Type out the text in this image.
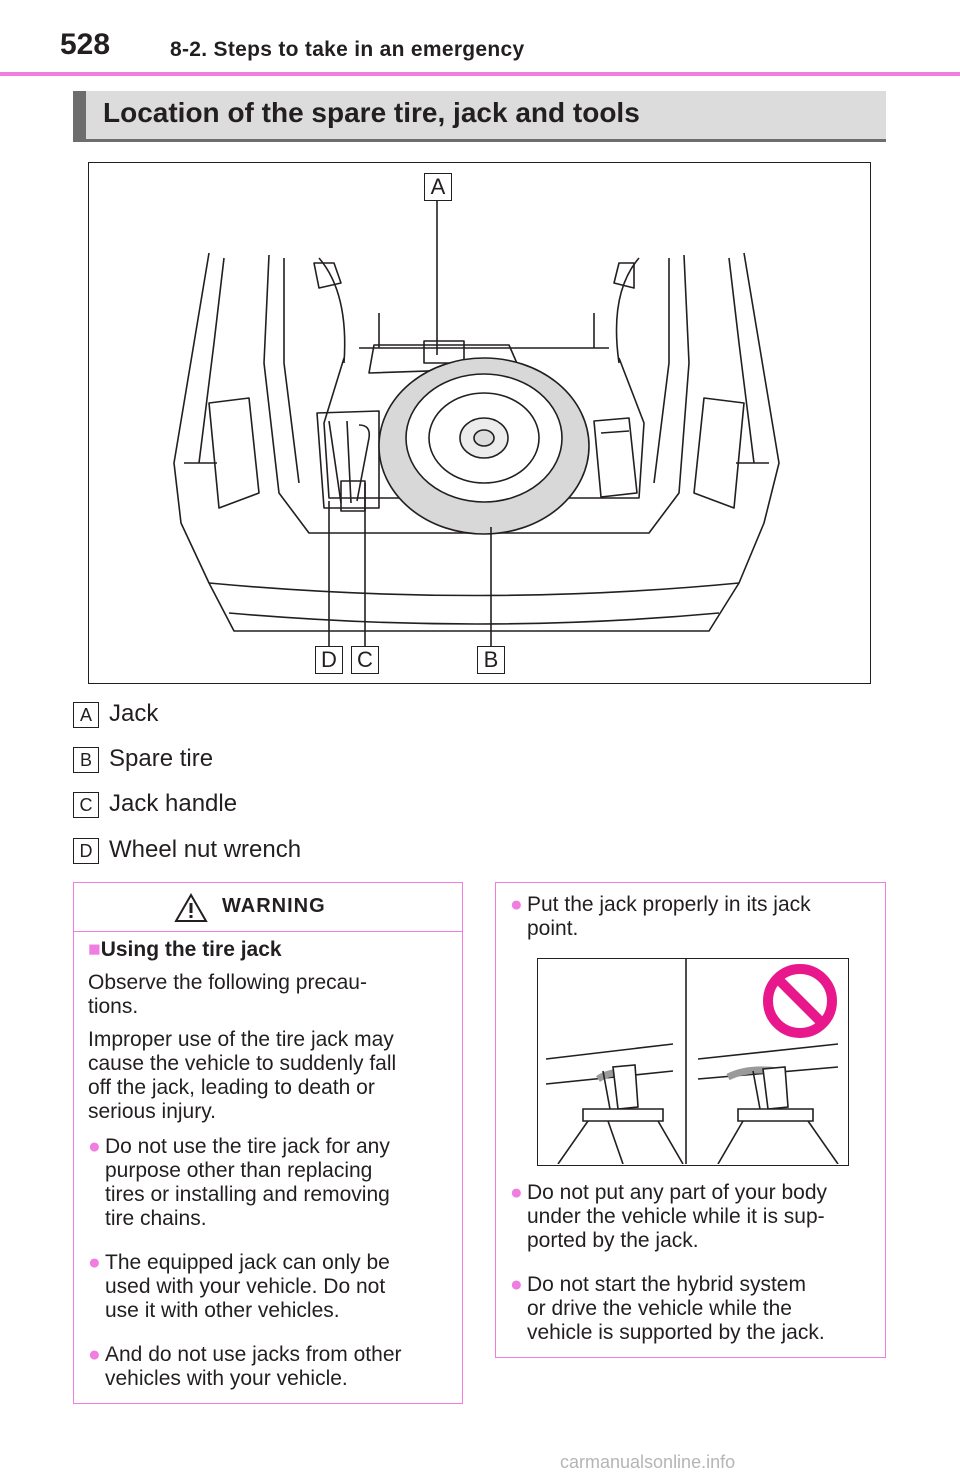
528	8-2. Steps to take in an emergency
Location of the spare tire, jack and tools
A
B
C
D
A Jack
B Spare tire
C Jack handle
D Wheel nut wrench
WARNING
■Using the tire jack
Observe the following precau-
tions.
Improper use of the tire jack may
cause the vehicle to suddenly fall
off the jack, leading to death or
serious injury.
● Do not use the tire jack for any
purpose other than replacing
tires or installing and removing
tire chains.
● The equipped jack can only be
used with your vehicle. Do not
use it with other vehicles.
● And do not use jacks from other
vehicles with your vehicle.
● Put the jack properly in its jack
point.
● Do not put any part of your body
under the vehicle while it is sup-
ported by the jack.
● Do not start the hybrid system
or drive the vehicle while the
vehicle is supported by the jack.
carmanualsonline.info
